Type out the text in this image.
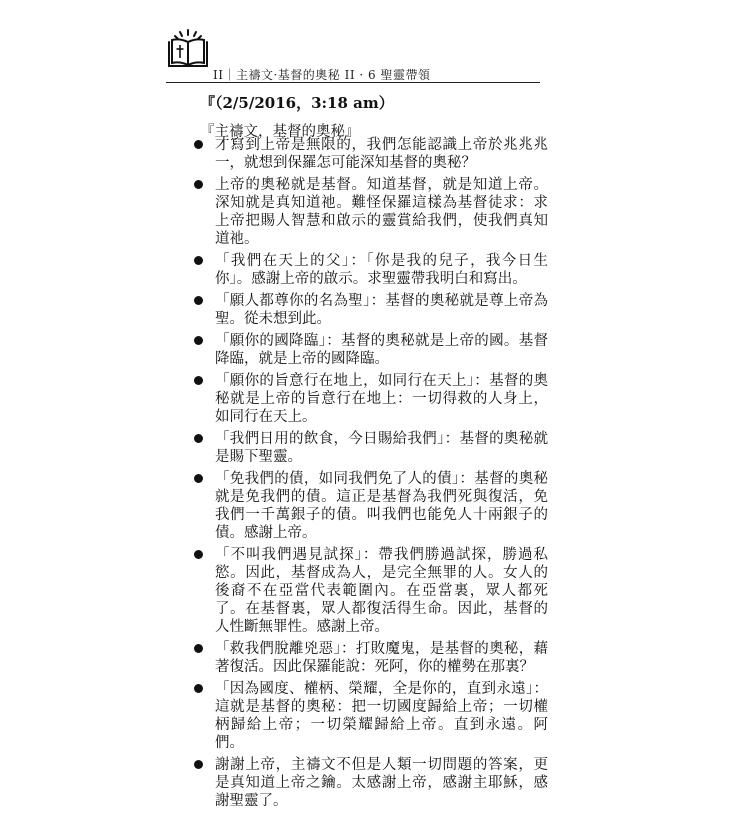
II｜主禱文·基督的奧秘 II · 6 聖靈帶領
『（2/5/2016，3:18 am）
『主禱文，基督的奧秘』
才寫到上帝是無限的，我們怎能認識上帝於兆兆兆一，就想到保羅怎可能深知基督的奧秘？
上帝的奧秘就是基督。知道基督，就是知道上帝。深知就是真知道祂。難怪保羅這樣為基督徒求：求上帝把賜人智慧和啟示的靈賞給我們，使我們真知道祂。
「我們在天上的父」：「你是我的兒子，我今日生你」。感謝上帝的啟示。求聖靈帶我明白和寫出。
「願人都尊你的名為聖」：基督的奧秘就是尊上帝為聖。從未想到此。
「願你的國降臨」：基督的奧秘就是上帝的國。基督降臨，就是上帝的國降臨。
「願你的旨意行在地上，如同行在天上」：基督的奧秘就是上帝的旨意行在地上：一切得救的人身上，如同行在天上。
「我們日用的飲食，今日賜給我們」：基督的奧秘就是賜下聖靈。
「免我們的債，如同我們免了人的債」：基督的奧秘就是免我們的債。這正是基督為我們死與復活，免我們一千萬銀子的債。叫我們也能免人十兩銀子的債。感謝上帝。
「不叫我們遇見試探」：帶我們勝過試探，勝過私慾。因此，基督成為人，是完全無罪的人。女人的後裔不在亞當代表範圍內。在亞當裏，眾人都死了。在基督裏，眾人都復活得生命。因此，基督的人性斷無罪性。感謝上帝。
「救我們脫離兇惡」：打敗魔鬼，是基督的奧秘，藉著復活。因此保羅能說：死阿，你的權勢在那裏？
「因為國度、權柄、榮耀，全是你的，直到永遠」：這就是基督的奧秘：把一切國度歸給上帝；一切權柄歸給上帝；一切榮耀歸給上帝。直到永遠。阿們。
謝謝上帝，主禱文不但是人類一切問題的答案，更是真知道上帝之鑰。太感謝上帝，感謝主耶穌，感謝聖靈了。
